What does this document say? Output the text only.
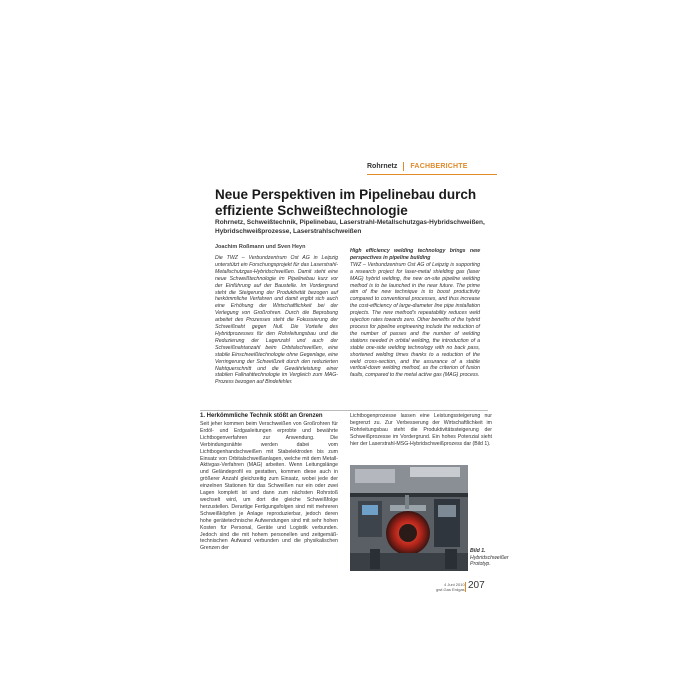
Rohrnetz FACHBERICHTE
Neue Perspektiven im Pipelinebau durch effiziente Schweißtechnologie
Rohrnetz, Schweißtechnik, Pipelinebau, Laserstrahl-Metallschutzgas-Hybridschweißen, Hybridschweißprozesse, Laserstrahlschweißen
Joachim Roßmann und Sven Heyn
Die TWZ – Verbundzentrum Ost AG in Leipzig unterstützt ein Forschungsprojekt für das Laserstrahl-Metallschutzgas-Hybridschweißen. Damit steht eine neue Schweißtechnologie im Pipelinebau kurz vor der Einführung auf der Baustelle. Im Vordergrund steht die Steigerung der Produktivität bezogen auf herkömmliche Verfahren und damit ergibt sich auch eine Erhöhung der Wirtschaftlichkeit bei der Verlegung von Großrohren. Durch die Beprobung arbeitet des Prozesses steht die Fokussierung der Schweißnaht gegen Null. Die Vorteile des Hybridprozesses für den Rohrleitungsbau und die Reduzierung der Lagenzahl und auch der Schweißnahtanzahl beim Orbitalschweißen, eine stabile Einschweißtechnologie ohne Gegenlage, eine Verringerung der Schweißzeit durch den reduzierten Nahtquerschnitt und die Gewährleistung einer stabilen Fallnahttechnologie im Vergleich zum MAG-Prozess bezogen auf Bindefehler.
High efficiency welding technology brings new perspectives in pipeline building
TWZ – Verbundzentrum Ost AG of Leipzig is supporting a research project for laser-metal shielding gas (laser MAG) hybrid welding, the new on-site pipeline welding method is to be launched in the near future. The prime aim of the new technique is to boost productivity compared to conventional processes, and thus increase the cost-efficiency of large-diameter line pipe installation projects. The new method's repeatability reduces weld rejection rates towards zero. Other benefits of the hybrid process for pipeline engineering include the reduction of the number of passes and the number of welding stations needed in orbital welding, the introduction of a stable one-side welding technology with no back pass, shortened welding times thanks to a reduction of the weld cross-section, and the assurance of a stable vertical-down welding method, as the criterion of fusion faults, compared to the metal active gas (MAG) process.
1. Herkömmliche Technik stößt an Grenzen
Seit jeher kommen beim Verschweißen von Großrohren für Erdöl- und Erdgasleitungen erprobte und bewährte Lichtbogenverfahren zur Anwendung. Die Verbindungsnähte werden dabei vom Lichtbogenhandschweißen mit Stabelektroden bis zum Einsatz von Orbitalschweißanlagen, welche mit dem Metall-Aktivgas-Verfahren (MAG) arbeiten. Wenn Leitungslänge und Geländeprofil es gestatten, kommen diese auch in größerer Anzahl gleichzeitig zum Einsatz, wobei jede der einzelnen Stationen für das Schweißen nur ein oder zwei Lagen komplett ist und dann zum nächsten Rohrstoß wechselt wird, um dort die gleiche Schweißfolge herzustellen. Derartige Fertigungsfolgen sind mit mehreren Schweißköpfen je Anlage reproduzierbar, jedoch deren hohe gerätetechnische Aufwendungen sind mit sehr hohen Kosten für Personal, Geräte und Logistik verbunden. Jedoch sind die mit hohem personellen und zeitgemäß-technischen Aufwand verbunden und die physikalischen Grenzen der
Lichtbogenprozesse lassen eine Leistungssteigerung nur begrenzt zu. Zur Verbesserung der Wirtschaftlichkeit im Rohrleitungsbau steht die Produktivitätssteigerung der Schweißprozesse im Vordergrund. Ein hohes Potenzial sieht hier der Laserstrahl-MSG-Hybridschweißprozess dar (Bild 1).
Bild 1. Hybridschweißer Prototyp.
4 Juni 2010
gwf-Gas Erdgas 207
